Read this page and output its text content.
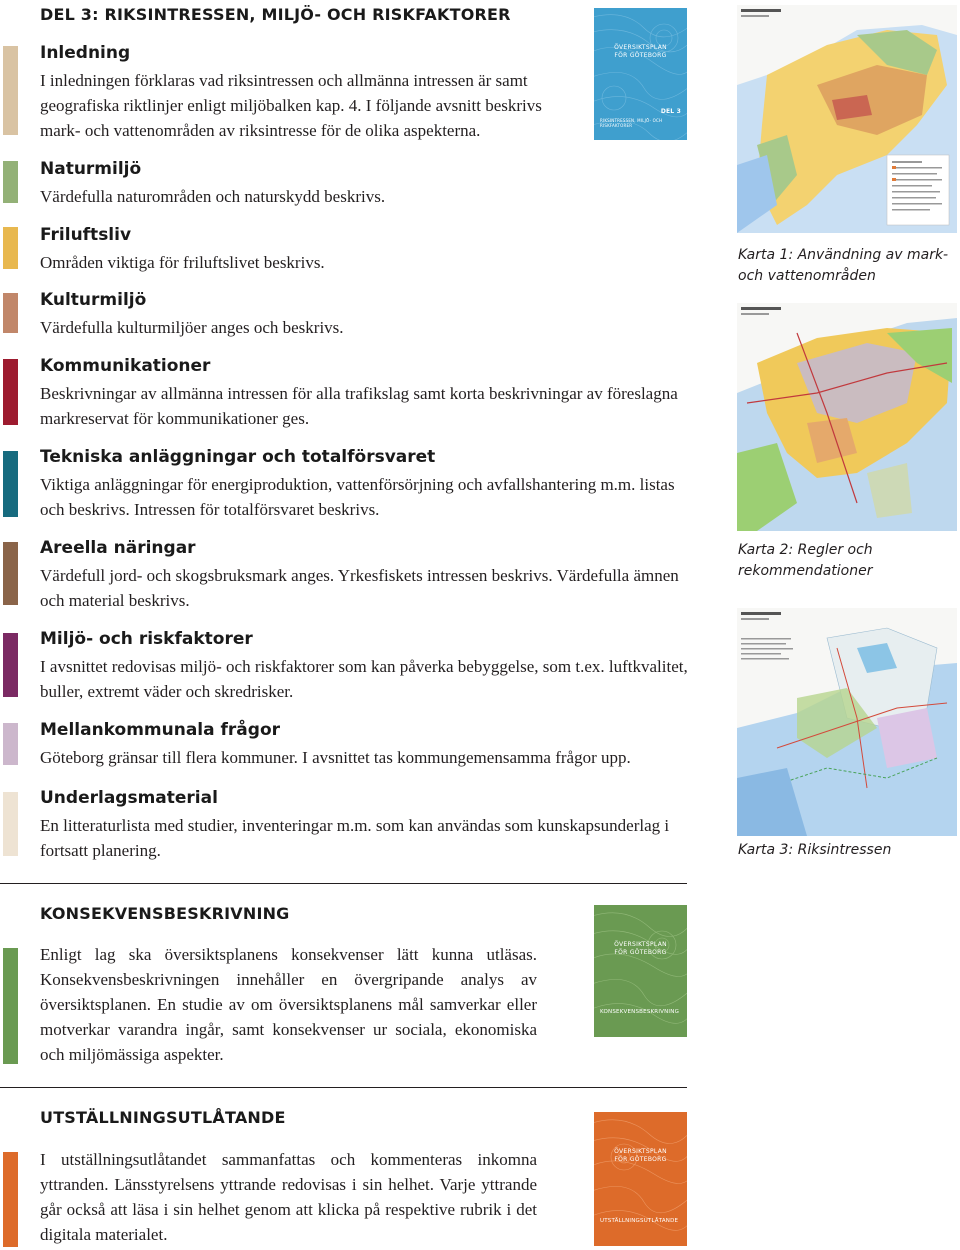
DEL 3: RIKSINTRESSEN, MILJÖ- OCH RISKFAKTORER
ÖVERSIKTSPLAN
FÖR GÖTEBORG
DEL 3
RIKSINTRESSEN, MILJÖ- OCH RISKFAKTORER
Inledning
I inledningen förklaras vad riksintressen och allmänna intressen är samt geografiska riktlinjer enligt miljöbalken kap. 4. I följande avsnitt beskrivs mark- och vattenområden av riksintresse för de olika aspekterna.
Naturmiljö
Värdefulla naturområden och naturskydd beskrivs.
Friluftsliv
Områden viktiga för friluftslivet beskrivs.
Kulturmiljö
Värdefulla kulturmiljöer anges och beskrivs.
Kommunikationer
Beskrivningar av allmänna intressen för alla trafikslag samt korta beskrivningar av föreslagna markreservat för kommunikationer ges.
Tekniska anläggningar och totalförsvaret
Viktiga anläggningar för energiproduktion, vattenförsörjning och avfallshantering m.m. listas och beskrivs. Intressen för totalförsvaret beskrivs.
Areella näringar
Värdefull jord- och skogsbruksmark anges. Yrkesfiskets intressen beskrivs. Värdefulla ämnen och material beskrivs.
Miljö- och riskfaktorer
I avsnittet redovisas miljö- och riskfaktorer som kan påverka bebyggelse, som t.ex. luftkvalitet, buller, extremt väder och skredrisker.
Mellankommunala frågor
Göteborg gränsar till flera kommuner. I avsnittet tas kommungemensamma frågor upp.
Underlagsmaterial
En litteraturlista med studier, inventeringar m.m. som kan användas som kunskapsunderlag i fortsatt planering.
Karta 1: Användning av mark- och vattenområden
Karta 2: Regler och rekommendationer
Karta 3: Riksintressen
KONSEKVENSBESKRIVNING
Enligt lag ska översiktsplanens konsekvenser lätt kunna utläsas. Konsekvensbeskrivningen innehåller en övergripande analys av översiktsplanen. En studie av om översiktsplanens mål samverkar eller motverkar varandra ingår, samt konsekvenser ur sociala, ekonomiska och miljömässiga aspekter.
ÖVERSIKTSPLAN
FÖR GÖTEBORG
KONSEKVENSBESKRIVNING
UTSTÄLLNINGSUTLÅTANDE
I utställningsutlåtandet sammanfattas och kommenteras inkomna yttranden. Länsstyrelsens yttrande redovisas i sin helhet. Varje yttrande går också att läsa i sin helhet genom att klicka på respektive rubrik i det digitala materialet.
ÖVERSIKTSPLAN
FÖR GÖTEBORG
UTSTÄLLNINGSUTLÅTANDE
